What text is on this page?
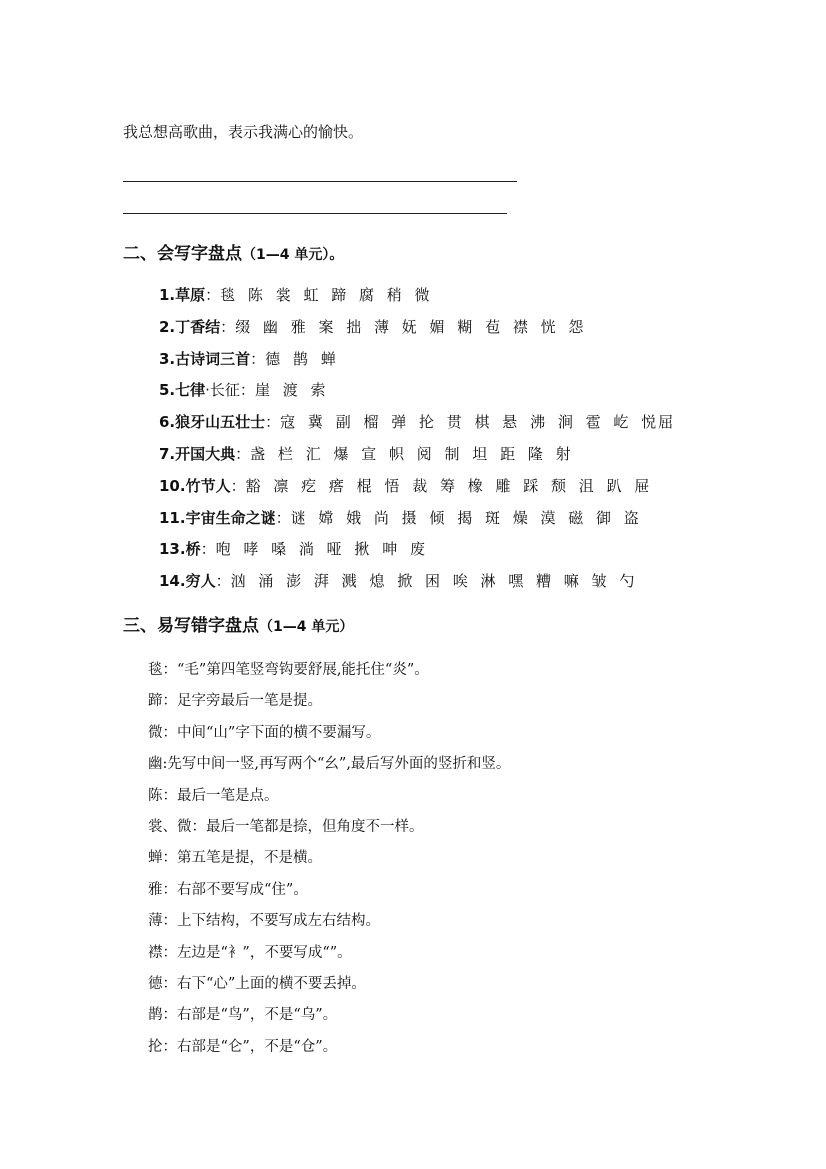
我总想高歌曲，表示我满心的愉快。
二、会写字盘点（1—4 单元）。
1.草原：毯 陈 裳 虹 蹄 腐 稍 微
2.丁香结：缀 幽 雅 案 拙 薄 妩 媚 糊 苞 襟 恍 怨
3.古诗词三首：德 鹊 蝉
5.七律·长征：崖 渡 索
6.狼牙山五壮士：寇 冀 副 榴 弹 抡 贯 棋 悬 沸 涧 雹 屹 悦屈
7.开国大典：盏 栏 汇 爆 宣 帜 阅 制 坦 距 隆 射
10.竹节人：豁 凛 疙 瘩 棍 悟 裁 筹 橡 雕 踩 颓 沮 趴 屉
11.宇宙生命之谜：谜 嫦 娥 尚 摄 倾 揭 斑 燥 漠 磁 御 盗
13.桥：咆 哮 嗓 淌 哑 揪 呻 废
14.穷人：汹 涌 澎 湃 溅 熄 掀 困 唉 淋 嘿 糟 嘛 皱 勺
三、易写错字盘点（1—4 单元）
毯：“毛”第四笔竖弯钩要舒展,能托住“炎”。
蹄：足字旁最后一笔是提。
微：中间“山”字下面的横不要漏写。
幽:先写中间一竖,再写两个“幺”,最后写外面的竖折和竖。
陈：最后一笔是点。
裳、微：最后一笔都是捺，但角度不一样。
蝉：第五笔是提，不是横。
雅：右部不要写成“住”。
薄：上下结构，不要写成左右结构。
襟：左边是“衤”，不要写成“”。
德：右下“心”上面的横不要丢掉。
鹊：右部是“鸟”，不是“乌”。
抡：右部是“仑”，不是“仓”。
